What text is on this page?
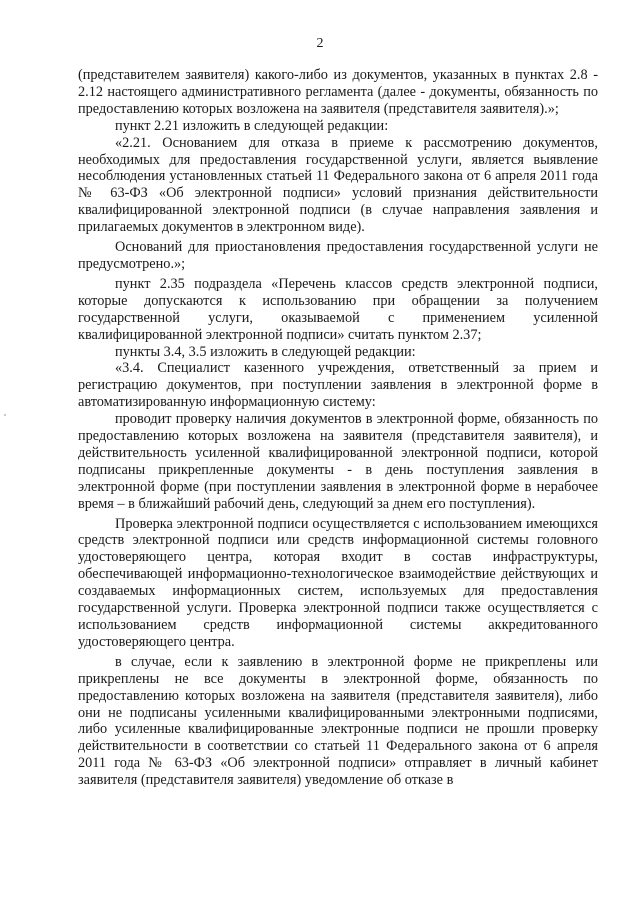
2

(представителем заявителя) какого-либо из документов, указанных в пунктах 2.8 - 2.12 настоящего административного регламента (далее - документы, обязанность по предоставлению которых возложена на заявителя (представителя заявителя).»;

пункт 2.21 изложить в следующей редакции:

«2.21. Основанием для отказа в приеме к рассмотрению документов, необходимых для предоставления государственной услуги, является выявление несоблюдения установленных статьей 11 Федерального закона от 6 апреля 2011 года № 63-ФЗ «Об электронной подписи» условий признания действительности квалифицированной электронной подписи (в случае направления заявления и прилагаемых документов в электронном виде).

Оснований для приостановления предоставления государственной услуги не предусмотрено.»;

пункт 2.35 подраздела «Перечень классов средств электронной подписи, которые допускаются к использованию при обращении за получением государственной услуги, оказываемой с применением усиленной квалифицированной электронной подписи» считать пунктом 2.37;

пункты 3.4, 3.5 изложить в следующей редакции:

«3.4. Специалист казенного учреждения, ответственный за прием и регистрацию документов, при поступлении заявления в электронной форме в автоматизированную информационную систему:

проводит проверку наличия документов в электронной форме, обязанность по предоставлению которых возложена на заявителя (представителя заявителя), и действительность усиленной квалифицированной электронной подписи, которой подписаны прикрепленные документы - в день поступления заявления в электронной форме (при поступлении заявления в электронной форме в нерабочее время – в ближайший рабочий день, следующий за днем его поступления).

Проверка электронной подписи осуществляется с использованием имеющихся средств электронной подписи или средств информационной системы головного удостоверяющего центра, которая входит в состав инфраструктуры, обеспечивающей информационно-технологическое взаимодействие действующих и создаваемых информационных систем, используемых для предоставления государственной услуги. Проверка электронной подписи также осуществляется с использованием средств информационной системы аккредитованного удостоверяющего центра.

в случае, если к заявлению в электронной форме не прикреплены или прикреплены не все документы в электронной форме, обязанность по предоставлению которых возложена на заявителя (представителя заявителя), либо они не подписаны усиленными квалифицированными электронными подписями, либо усиленные квалифицированные электронные подписи не прошли проверку действительности в соответствии со статьей 11 Федерального закона от 6 апреля 2011 года № 63-ФЗ «Об электронной подписи» отправляет в личный кабинет заявителя (представителя заявителя) уведомление об отказе в
